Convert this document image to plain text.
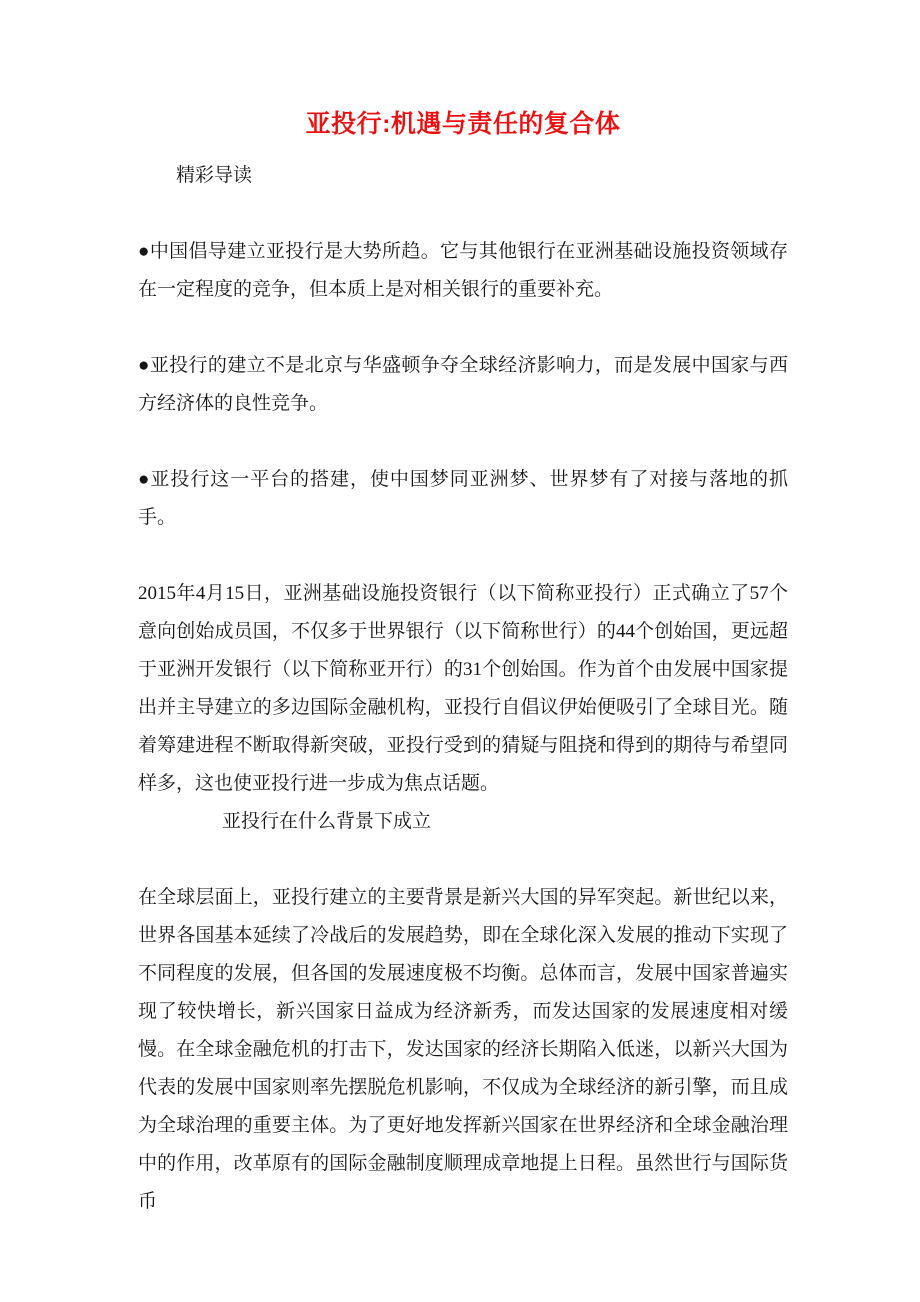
亚投行:机遇与责任的复合体

精彩导读

●中国倡导建立亚投行是大势所趋。它与其他银行在亚洲基础设施投资领域存在一定程度的竞争，但本质上是对相关银行的重要补充。

●亚投行的建立不是北京与华盛顿争夺全球经济影响力，而是发展中国家与西方经济体的良性竞争。

●亚投行这一平台的搭建，使中国梦同亚洲梦、世界梦有了对接与落地的抓手。

2015年4月15日，亚洲基础设施投资银行（以下简称亚投行）正式确立了57个意向创始成员国，不仅多于世界银行（以下简称世行）的44个创始国，更远超于亚洲开发银行（以下简称亚开行）的31个创始国。作为首个由发展中国家提出并主导建立的多边国际金融机构，亚投行自倡议伊始便吸引了全球目光。随着筹建进程不断取得新突破，亚投行受到的猜疑与阻挠和得到的期待与希望同样多，这也使亚投行进一步成为焦点话题。

亚投行在什么背景下成立

在全球层面上，亚投行建立的主要背景是新兴大国的异军突起。新世纪以来，世界各国基本延续了冷战后的发展趋势，即在全球化深入发展的推动下实现了不同程度的发展，但各国的发展速度极不均衡。总体而言，发展中国家普遍实现了较快增长，新兴国家日益成为经济新秀，而发达国家的发展速度相对缓慢。在全球金融危机的打击下，发达国家的经济长期陷入低迷，以新兴大国为代表的发展中国家则率先摆脱危机影响，不仅成为全球经济的新引擎，而且成为全球治理的重要主体。为了更好地发挥新兴国家在世界经济和全球金融治理中的作用，改革原有的国际金融制度顺理成章地提上日程。虽然世行与国际货币
